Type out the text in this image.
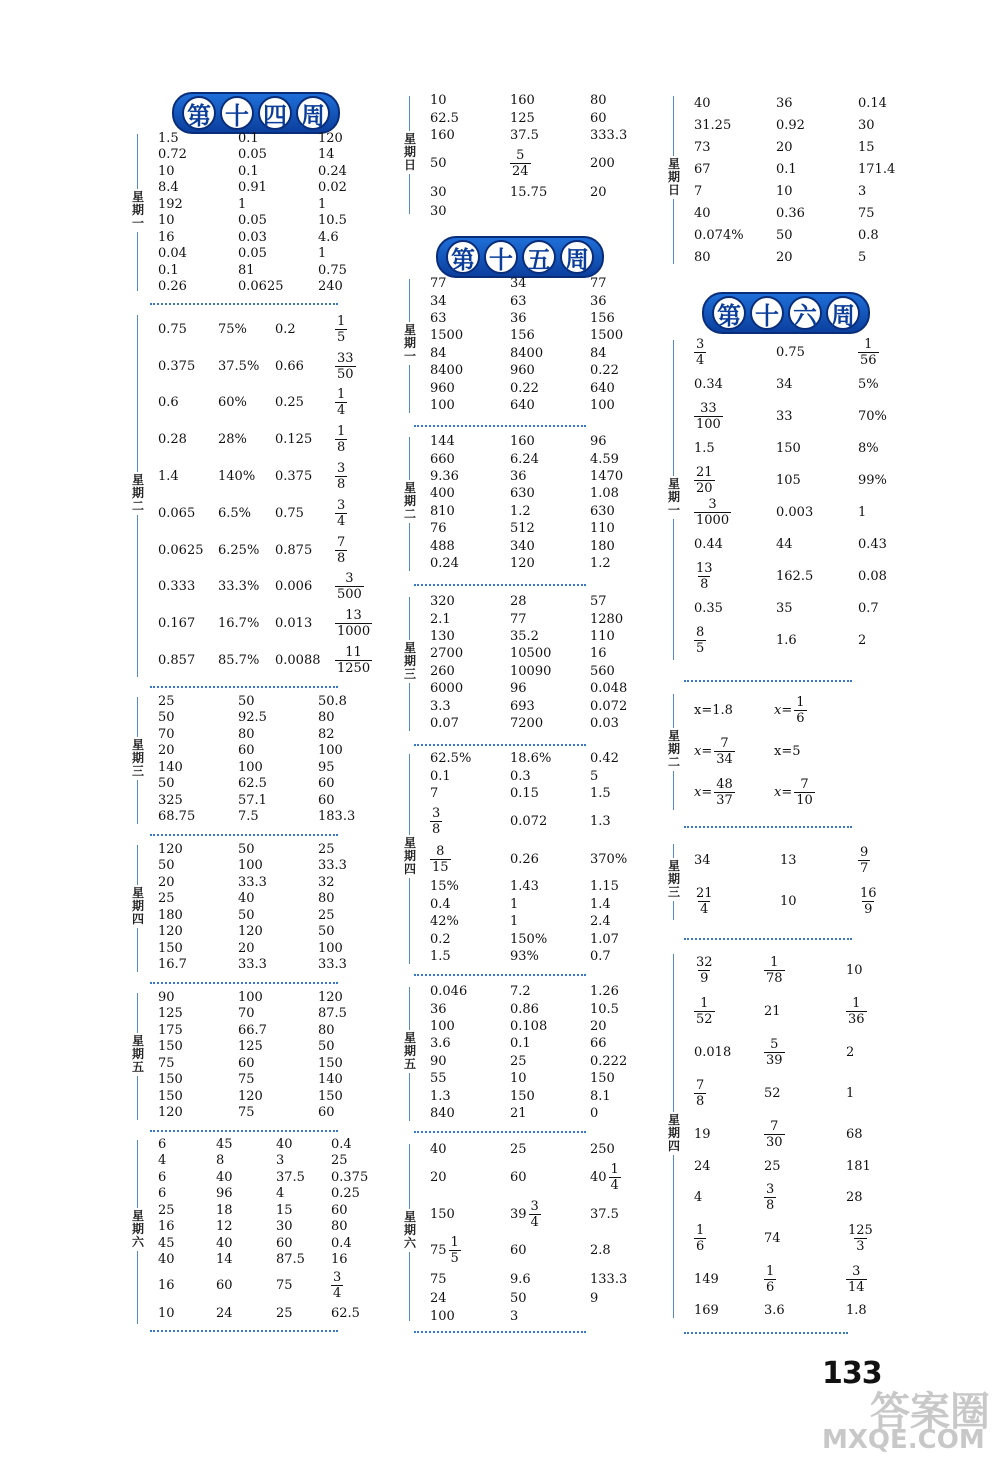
第 十 四 周
星
期
一
1.5	0.1	120
0.72	0.05	14
10	0.1	0.24
8.4	0.91	0.02
192	1	1
10	0.05	10.5
16	0.03	4.6
0.04	0.05	1
0.1	81	0.75
0.26	0.0625	240
星
期
二
0.75 75% 0.2	$\frac{1}{5}$
0.375 37.5% $0.66 \frac{33}{50}$
0.6	60% $0.25 \frac{1}{4}$
0.28 28% $0.125 \frac{1}{8}$
1.4	140% $0.375 \frac{3}{8}$
0.065 6.5% $0.75 \frac{3}{4}$
0.0625 6.25% $0.875 \frac{7}{8}$
0.333 33.3% $0.006 \frac{3}{500}$
0.167 16.7% $0.013 \frac{13}{1000}$
0.857 85.7% $0.0088 \frac{11}{1250}$
星
期
三
25	50	50.8
50	92.5	80
70	80	82
20	60	100
140	100	95
50	62.5	60
325	57.1	60
68.75	7.5	183.3
星
期
四
120	50	25
50	100	33.3
20	33.3	32
25	40	80
180	50	25
120	120	50
150	20	100
16.7	33.3	33.3
星
期
五
90	100	120
125	70	87.5
175	66.7	80
150	125	50
75	60	150
150	75	140
150	120	150
120	75	60
星
期
六
6	45	40	0.4
4	8	3	25
6	40	37.5 0.375
6	96	4	0.25
25	18	15	60
16	12	30	80
45	40	60	0.4
40	14	87.5 16
16	60	75	$\frac{3}{4}$
10	24	25	62.5
星
期
日
10	160	80
62.5	125	60
160	37.5	333.3
50	$\frac{5}{24}$	200
30	15.75	20
30
第 十 五 周
星
期
一
77	34	77
34	63	36
63	36	156
1500	156	1500
84	8400	84
8400	960	0.22
960	0.22	640
100	640	100
星
期
二
144	160	96
660	6.24	4.59
9.36	36	1470
400	630	1.08
810	1.2	630
76	512	110
488	340	180
0.24	120	1.2
星
期
三
320	28	57
2.1	77	1280
130	35.2	110
2700	10500	16
260	10090	560
6000	96	0.048
3.3	693	0.072
0.07	7200	0.03
星
期
四
62.5%	18.6%	0.42
0.1	0.3	5
7	0.15	1.5
$\frac{3}{8}$	0.072	1.3
$\frac{8}{15}$	0.26	370%
15%	1.43	1.15
0.4	1	1.4
42%	1	2.4
0.2	150%	1.07
1.5	93%	0.7
星
期
五
0.046	7.2	1.26
36	0.86	10.5
100	0.108	20
3.6	0.1	66
90	25	0.222
55	10	150
1.3	150	8.1
840	21	0
星
期
六
40	25	250
20	60	$40 \frac{1}{4}$
150	$39 \frac{3}{4}$	37.5
$75 \frac{1}{5}$	60	2.8
75	9.6	133.3
24	50	9
100	3
星
期
日
40	36	0.14
31.25	0.92	30
73	20	15
67	0.1	171.4
7	10	3
40	0.36	75
0.074% 50	0.8
80	20	5
第 十 六 周
星
期
一
$\frac{3}{4}$	0.75	$\frac{1}{56}$
0.34	34	5%
$\frac{33}{100}$	33	70%
1.5	150	8%
$\frac{21}{20}$	105	99%
$\frac{3}{1000}$	0.003	1
0.44	44	0.43
$\frac{13}{8}$	162.5	0.08
0.35	35	0.7
$\frac{8}{5}$	1.6	2
星
期
二
x=1.8	$x= \frac{1}{6}$
$x= \frac{7}{34}$	x=5
$x= \frac{48}{37}$	$x= \frac{7}{10}$
星
期
三
34	13	$\frac{9}{7}$
$\frac{21}{4}$	10	$\frac{16}{9}$
星
期
四
$\frac{32}{9}$	$\frac{1}{78}$	10
$\frac{1}{52}$	21	$\frac{1}{36}$
0.018	$\frac{5}{39}$	2
$\frac{7}{8}$	52	1
19	$\frac{7}{30}$	68
24	25	181
4	$\frac{3}{8}$	28
$\frac{1}{6}$	74	$\frac{125}{3}$
149	$\frac{1}{6}$	$\frac{3}{14}$
169	3.6	1.8
133
答案圈
MXQE.COM
